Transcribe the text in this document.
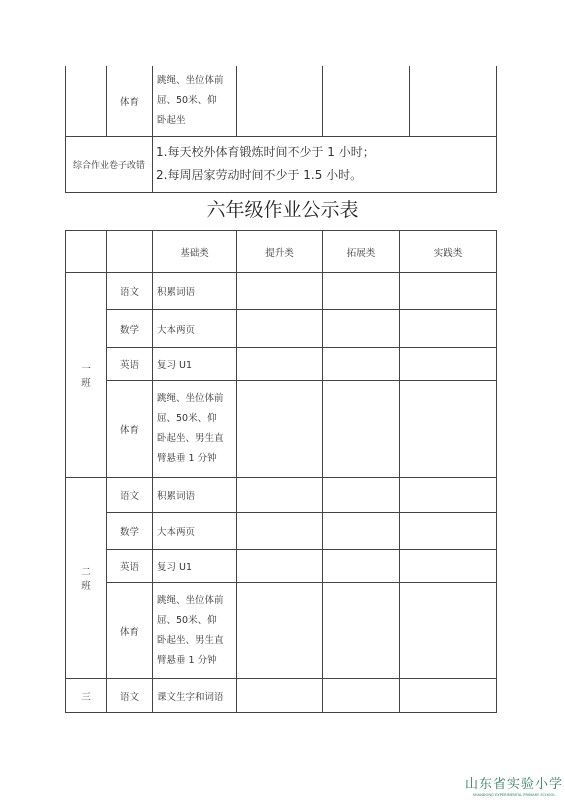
	体育	跳绳、坐位体前
屈、50米、仰
卧起坐			

综合作业卷子改错		1.每天校外体育锻炼时间不少于 1 小时；
2.每周居家劳动时间不少于 1.5 小时。			
六年级作业公示表
		基础类	提升类	拓展类	实践类

一
班	语文	积累词语			
	数学	大本两页			
	英语	复习 U1			
	体育	跳绳、坐位体前
屈、50米、仰
卧起坐、男生直
臂悬垂 1 分钟			

二
班	语文	积累词语			
	数学	大本两页			
	英语	复习 U1			
	体育	跳绳、坐位体前
屈、50米、仰
卧起坐、男生直
臂悬垂 1 分钟			

三	语文	课文生字和词语			
山东省实验小学
SHANDONG EXPERIMENTAL PRIMARY SCHOOL
